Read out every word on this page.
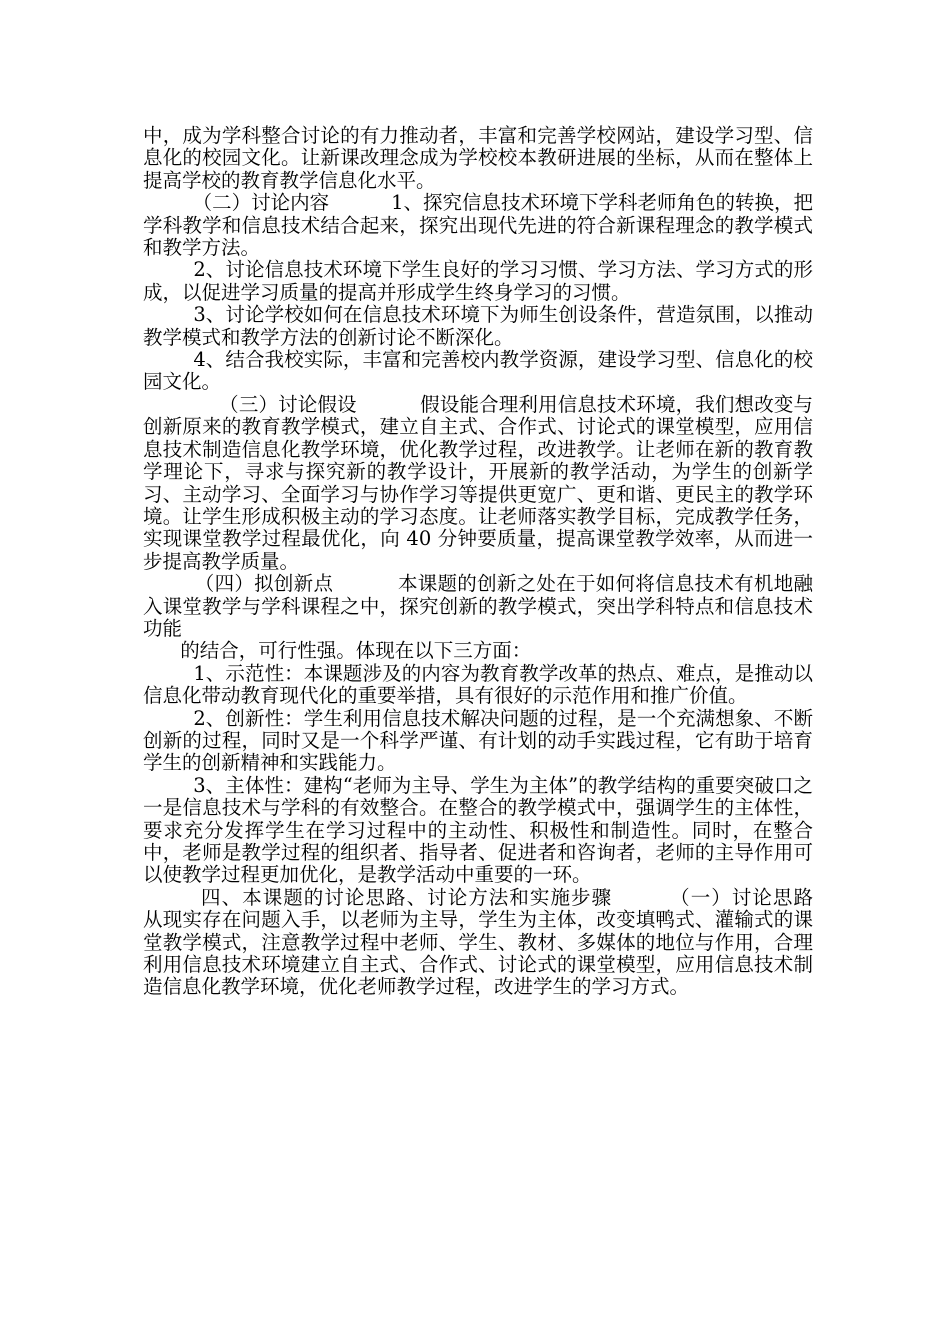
中，成为学科整合讨论的有力推动者，丰富和完善学校网站，建设学习型、信息化的校园文化。让新课改理念成为学校校本教研进展的坐标，从而在整体上提高学校的教育教学信息化水平。

（二）讨论内容          1、探究信息技术环境下学科老师角色的转换，把学科教学和信息技术结合起来，探究出现代先进的符合新课程理念的教学模式和教学方法。

2、讨论信息技术环境下学生良好的学习习惯、学习方法、学习方式的形成，以促进学习质量的提高并形成学生终身学习的习惯。

3、讨论学校如何在信息技术环境下为师生创设条件，营造氛围，以推动教学模式和教学方法的创新讨论不断深化。

4、结合我校实际，丰富和完善校内教学资源，建设学习型、信息化的校园文化。

（三）讨论假设          假设能合理利用信息技术环境，我们想改变与创新原来的教育教学模式，建立自主式、合作式、讨论式的课堂模型，应用信息技术制造信息化教学环境，优化教学过程，改进教学。让老师在新的教育教学理论下，寻求与探究新的教学设计，开展新的教学活动，为学生的创新学习、主动学习、全面学习与协作学习等提供更宽广、更和谐、更民主的教学环境。让学生形成积极主动的学习态度。让老师落实教学目标，完成教学任务，实现课堂教学过程最优化，向 40 分钟要质量，提高课堂教学效率，从而进一步提高教学质量。

（四）拟创新点          本课题的创新之处在于如何将信息技术有机地融入课堂教学与学科课程之中，探究创新的教学模式，突出学科特点和信息技术功能

的结合，可行性强。体现在以下三方面：

1、示范性：本课题涉及的内容为教育教学改革的热点、难点，是推动以信息化带动教育现代化的重要举措，具有很好的示范作用和推广价值。

2、创新性：学生利用信息技术解决问题的过程，是一个充满想象、不断创新的过程，同时又是一个科学严谨、有计划的动手实践过程，它有助于培育学生的创新精神和实践能力。

3、主体性：建构“老师为主导、学生为主体”的教学结构的重要突破口之一是信息技术与学科的有效整合。在整合的教学模式中，强调学生的主体性，要求充分发挥学生在学习过程中的主动性、积极性和制造性。同时，在整合中，老师是教学过程的组织者、指导者、促进者和咨询者，老师的主导作用可以使教学过程更加优化，是教学活动中重要的一环。

四、本课题的讨论思路、讨论方法和实施步骤        （一）讨论思路      从现实存在问题入手，以老师为主导，学生为主体，改变填鸭式、灌输式的课堂教学模式，注意教学过程中老师、学生、教材、多媒体的地位与作用，合理利用信息技术环境建立自主式、合作式、讨论式的课堂模型，应用信息技术制造信息化教学环境，优化老师教学过程，改进学生的学习方式。
